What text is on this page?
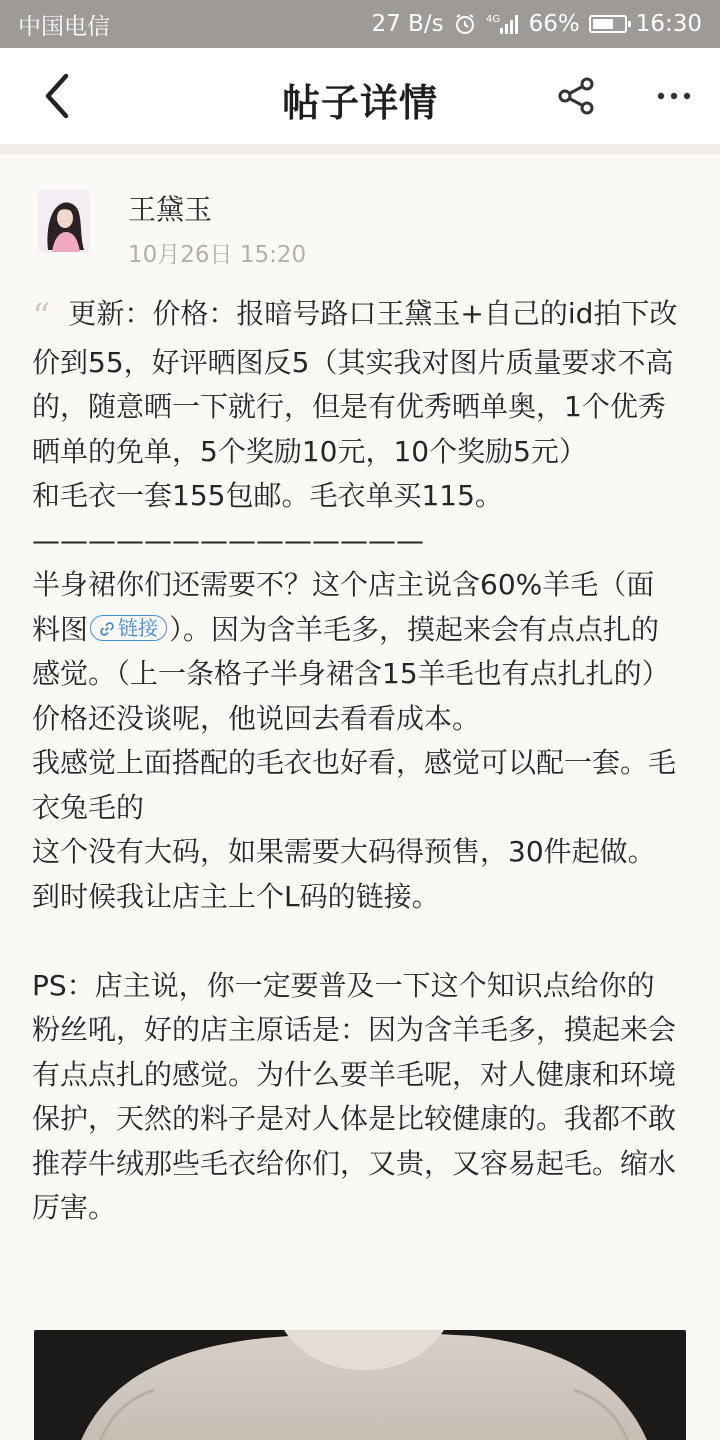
中国电信	27 B/s	4G 66% 16:30
帖子详情
王黛玉
10月26日 15:20

“ 更新：价格：报暗号路口王黛玉+自己的id拍下改价到55，好评晒图反5（其实我对图片质量要求不高的，随意晒一下就行，但是有优秀晒单奥，1个优秀晒单的免单，5个奖励10元，10个奖励5元）

和毛衣一套155包邮。毛衣单买115。

——————————————

半身裙你们还需要不？这个店主说含60%羊毛（面料图 链接 ）。因为含羊毛多，摸起来会有点点扎的感觉。（上一条格子半身裙含15羊毛也有点扎扎的）价格还没谈呢，他说回去看看成本。

我感觉上面搭配的毛衣也好看，感觉可以配一套。毛衣兔毛的

这个没有大码，如果需要大码得预售，30件起做。到时候我让店主上个L码的链接。

PS：店主说，你一定要普及一下这个知识点给你的粉丝吼，好的店主原话是：因为含羊毛多，摸起来会有点点扎的感觉。为什么要羊毛呢，对人健康和环境保护，天然的料子是对人体是比较健康的。我都不敢推荐牛绒那些毛衣给你们，又贵，又容易起毛。缩水厉害。
